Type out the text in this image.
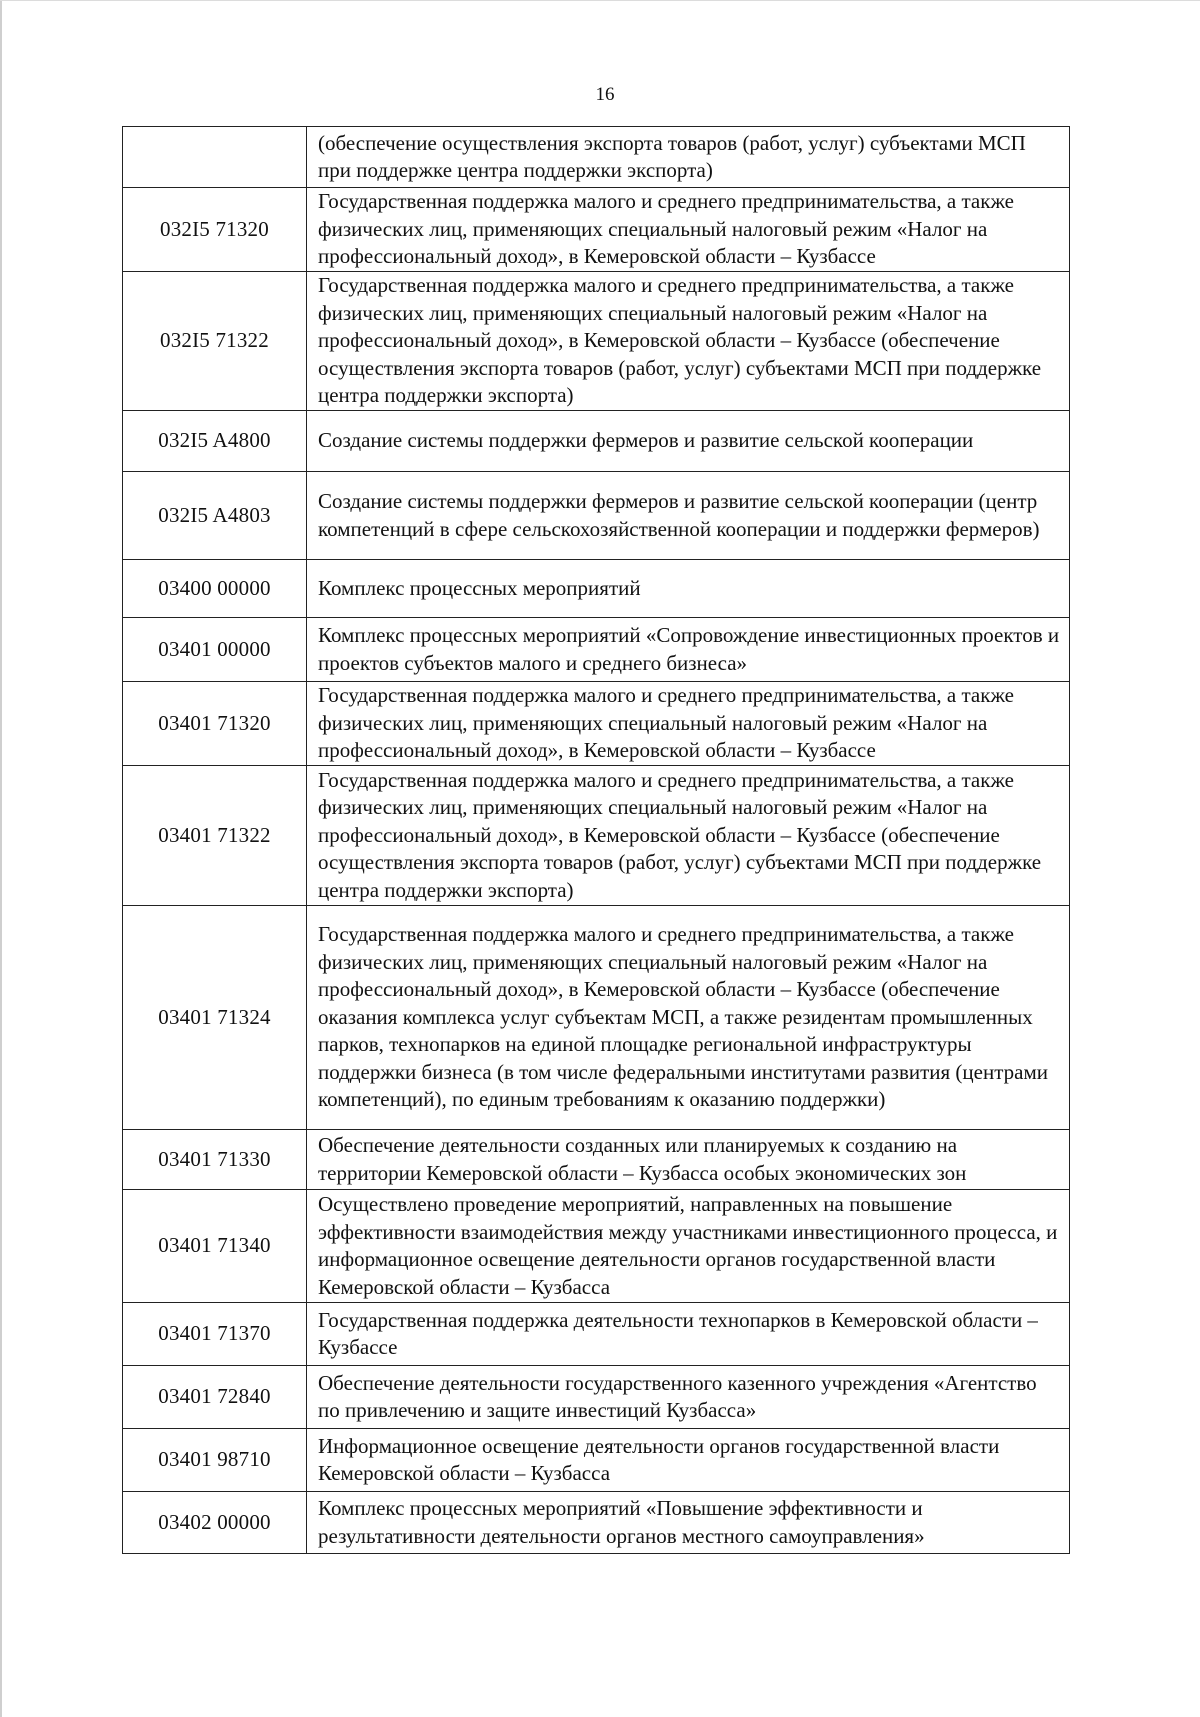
16
	(обеспечение осуществления экспорта товаров (работ, услуг) субъектами МСП при поддержке центра поддержки экспорта)
032I5 71320	Государственная поддержка малого и среднего предпринимательства, а также физических лиц, применяющих специальный налоговый режим «Налог на профессиональный доход», в Кемеровской области – Кузбассе
032I5 71322	Государственная поддержка малого и среднего предпринимательства, а также физических лиц, применяющих специальный налоговый режим «Налог на профессиональный доход», в Кемеровской области – Кузбассе (обеспечение осуществления экспорта товаров (работ, услуг) субъектами МСП при поддержке центра поддержки экспорта)
032I5 A4800	Создание системы поддержки фермеров и развитие сельской кооперации
032I5 A4803	Создание системы поддержки фермеров и развитие сельской кооперации (центр компетенций в сфере сельскохозяйственной кооперации и поддержки фермеров)
03400 00000	Комплекс процессных мероприятий
03401 00000	Комплекс процессных мероприятий «Сопровождение инвестиционных проектов и проектов субъектов малого и среднего бизнеса»
03401 71320	Государственная поддержка малого и среднего предпринимательства, а также физических лиц, применяющих специальный налоговый режим «Налог на профессиональный доход», в Кемеровской области – Кузбассе
03401 71322	Государственная поддержка малого и среднего предпринимательства, а также физических лиц, применяющих специальный налоговый режим «Налог на профессиональный доход», в Кемеровской области – Кузбассе (обеспечение осуществления экспорта товаров (работ, услуг) субъектами МСП при поддержке центра поддержки экспорта)
03401 71324	Государственная поддержка малого и среднего предпринимательства, а также физических лиц, применяющих специальный налоговый режим «Налог на профессиональный доход», в Кемеровской области – Кузбассе (обеспечение оказания комплекса услуг субъектам МСП, а также резидентам промышленных парков, технопарков на единой площадке региональной инфраструктуры поддержки бизнеса (в том числе федеральными институтами развития (центрами компетенций), по единым требованиям к оказанию поддержки)
03401 71330	Обеспечение деятельности созданных или планируемых к созданию на территории Кемеровской области – Кузбасса особых экономических зон
03401 71340	Осуществлено проведение мероприятий, направленных на повышение эффективности взаимодействия между участниками инвестиционного процесса, и информационное освещение деятельности органов государственной власти Кемеровской области – Кузбасса
03401 71370	Государственная поддержка деятельности технопарков в Кемеровской области – Кузбассе
03401 72840	Обеспечение деятельности государственного казенного учреждения «Агентство по привлечению и защите инвестиций Кузбасса»
03401 98710	Информационное освещение деятельности органов государственной власти Кемеровской области – Кузбасса
03402 00000	Комплекс процессных мероприятий «Повышение эффективности и результативности деятельности органов местного самоуправления»
